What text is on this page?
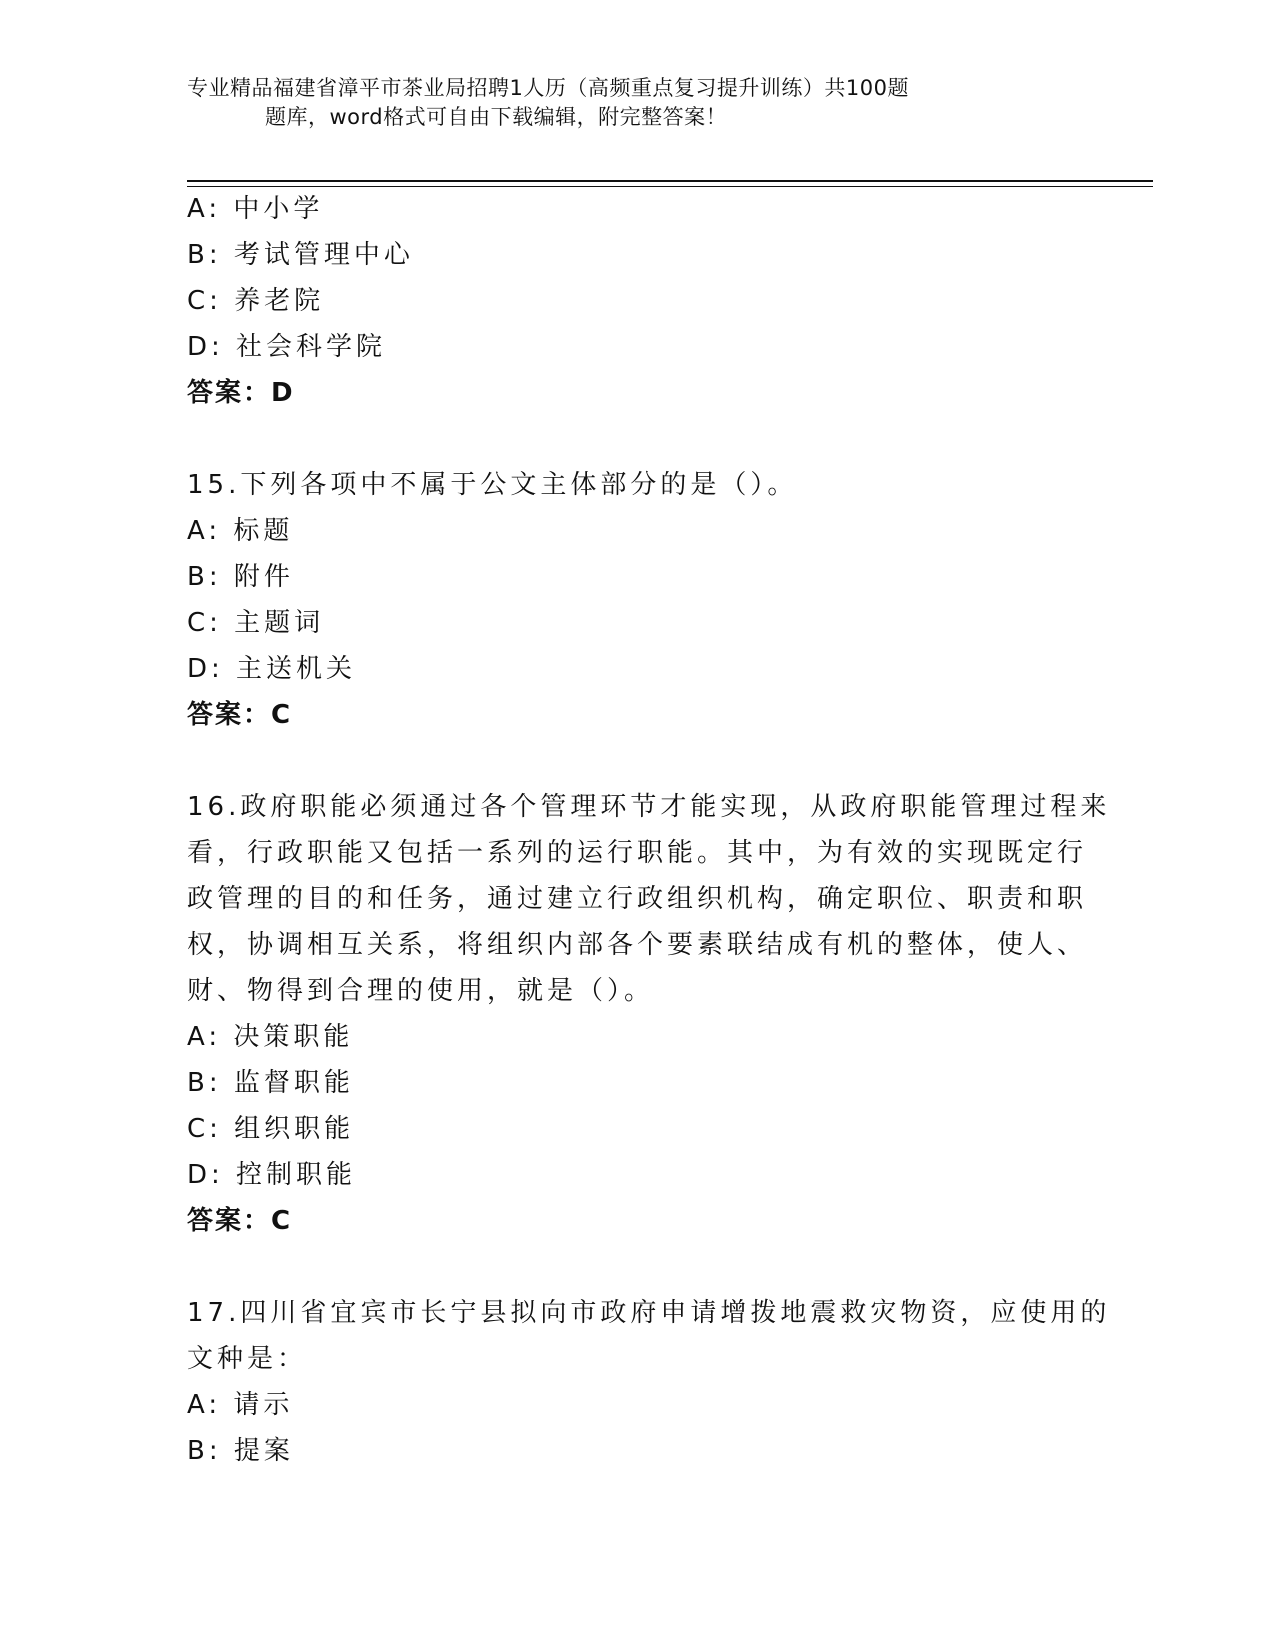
专业精品福建省漳平市茶业局招聘1人历（高频重点复习提升训练）共100题
题库，word格式可自由下载编辑，附完整答案！
A: 中小学
B: 考试管理中心
C: 养老院
D: 社会科学院
答案：D
15.下列各项中不属于公文主体部分的是（）。
A: 标题
B: 附件
C: 主题词
D: 主送机关
答案：C
16.政府职能必须通过各个管理环节才能实现，从政府职能管理过程来
看，行政职能又包括一系列的运行职能。其中，为有效的实现既定行
政管理的目的和任务，通过建立行政组织机构，确定职位、职责和职
权，协调相互关系，将组织内部各个要素联结成有机的整体，使人、
财、物得到合理的使用，就是（）。
A: 决策职能
B: 监督职能
C: 组织职能
D: 控制职能
答案：C
17.四川省宜宾市长宁县拟向市政府申请增拨地震救灾物资，应使用的
文种是：
A: 请示
B: 提案
